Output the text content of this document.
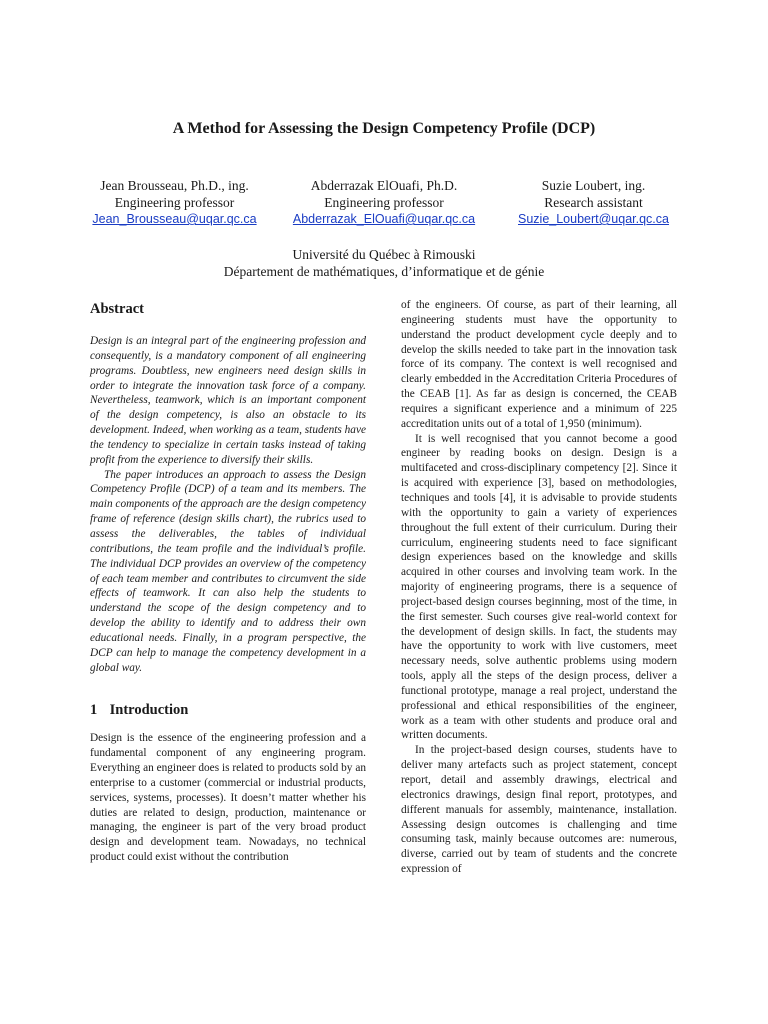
A Method for Assessing the Design Competency Profile (DCP)
Jean Brousseau, Ph.D., ing.
Engineering professor
Jean_Brousseau@uqar.qc.ca
Abderrazak ElOuafi, Ph.D.
Engineering professor
Abderrazak_ElOuafi@uqar.qc.ca
Suzie Loubert, ing.
Research assistant
Suzie_Loubert@uqar.qc.ca
Université du Québec à Rimouski
Département de mathématiques, d’informatique et de génie
Abstract

Design is an integral part of the engineering profession and consequently, is a mandatory component of all engineering programs. Doubtless, new engineers need design skills in order to integrate the innovation task force of a company. Nevertheless, teamwork, which is an important component of the design competency, is also an obstacle to its development. Indeed, when working as a team, students have the tendency to specialize in certain tasks instead of taking profit from the experience to diversify their skills.

The paper introduces an approach to assess the Design Competency Profile (DCP) of a team and its members. The main components of the approach are the design competency frame of reference (design skills chart), the rubrics used to assess the deliverables, the tables of individual contributions, the team profile and the individual’s profile. The individual DCP provides an overview of the competency of each team member and contributes to circumvent the side effects of teamwork. It can also help the students to understand the scope of the design competency and to develop the ability to identify and to address their own educational needs. Finally, in a program perspective, the DCP can help to manage the competency development in a global way.

1 Introduction

Design is the essence of the engineering profession and a fundamental component of any engineering program. Everything an engineer does is related to products sold by an enterprise to a customer (commercial or industrial products, services, systems, processes). It doesn’t matter whether his duties are related to design, production, maintenance or managing, the engineer is part of the very broad product design and development team. Nowadays, no technical product could exist without the contribution

of the engineers. Of course, as part of their learning, all engineering students must have the opportunity to understand the product development cycle deeply and to develop the skills needed to take part in the innovation task force of its company. The context is well recognised and clearly embedded in the Accreditation Criteria Procedures of the CEAB [1]. As far as design is concerned, the CEAB requires a significant experience and a minimum of 225 accreditation units out of a total of 1,950 (minimum).

It is well recognised that you cannot become a good engineer by reading books on design. Design is a multifaceted and cross-disciplinary competency [2]. Since it is acquired with experience [3], based on methodologies, techniques and tools [4], it is advisable to provide students with the opportunity to gain a variety of experiences throughout the full extent of their curriculum. During their curriculum, engineering students need to face significant design experiences based on the knowledge and skills acquired in other courses and involving team work. In the majority of engineering programs, there is a sequence of project-based design courses beginning, most of the time, in the first semester. Such courses give real-world context for the development of design skills. In fact, the students may have the opportunity to work with live customers, meet necessary needs, solve authentic problems using modern tools, apply all the steps of the design process, deliver a functional prototype, manage a real project, understand the professional and ethical responsibilities of the engineer, work as a team with other students and produce oral and written documents.

In the project-based design courses, students have to deliver many artefacts such as project statement, concept report, detail and assembly drawings, electrical and electronics drawings, design final report, prototypes, and different manuals for assembly, maintenance, installation. Assessing design outcomes is challenging and time consuming task, mainly because outcomes are: numerous, diverse, carried out by team of students and the concrete expression of
